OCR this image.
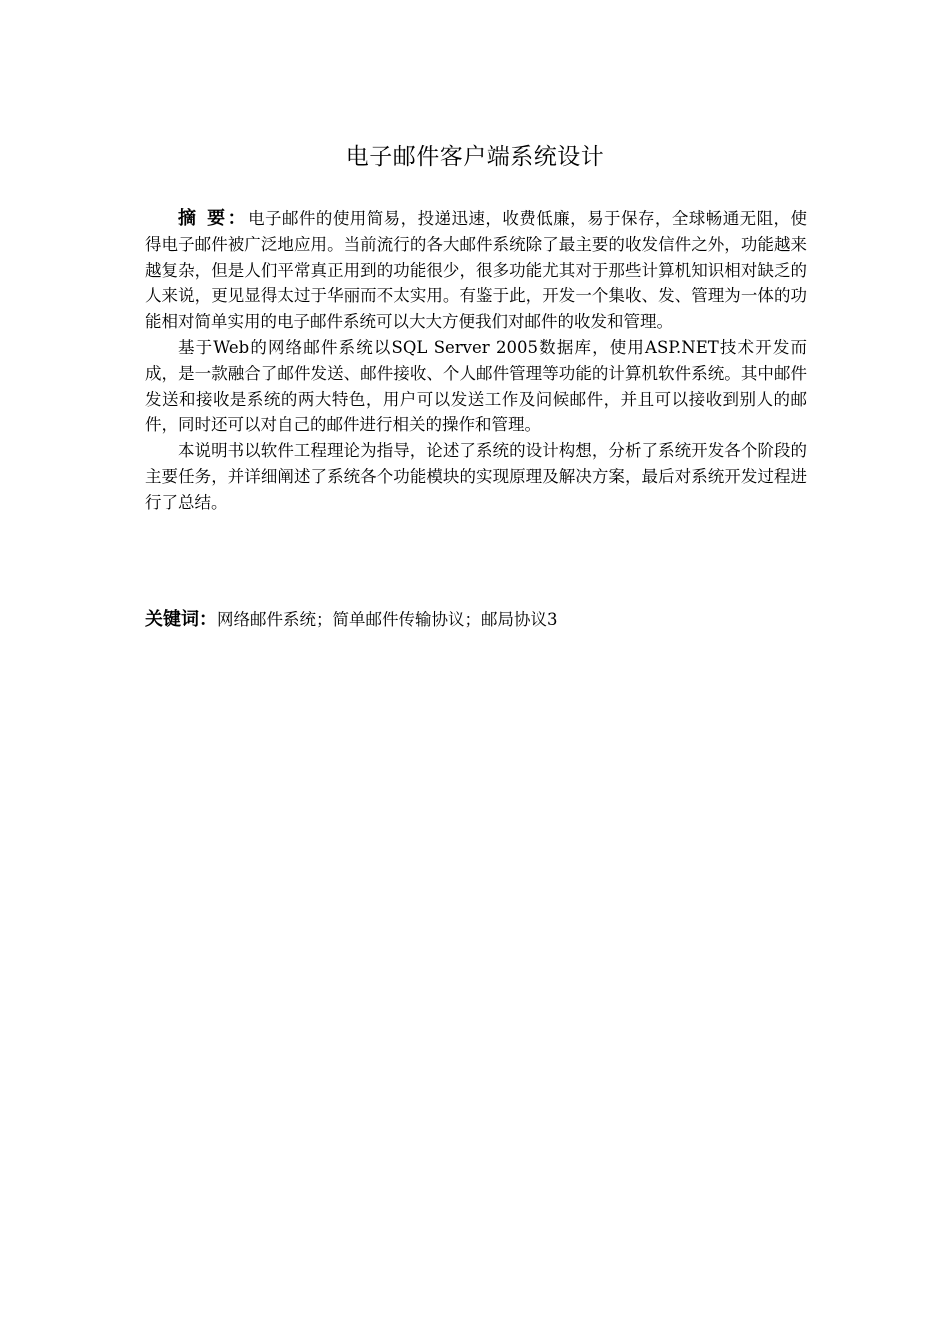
电子邮件客户端系统设计

摘 要：电子邮件的使用简易，投递迅速，收费低廉，易于保存，全球畅通无阻，使得电子邮件被广泛地应用。当前流行的各大邮件系统除了最主要的收发信件之外，功能越来越复杂，但是人们平常真正用到的功能很少，很多功能尤其对于那些计算机知识相对缺乏的人来说，更见显得太过于华丽而不太实用。有鉴于此，开发一个集收、发、管理为一体的功能相对简单实用的电子邮件系统可以大大方便我们对邮件的收发和管理。

基于Web的网络邮件系统以SQL Server 2005数据库，使用ASP.NET技术开发而成，是一款融合了邮件发送、邮件接收、个人邮件管理等功能的计算机软件系统。其中邮件发送和接收是系统的两大特色，用户可以发送工作及问候邮件，并且可以接收到别人的邮件，同时还可以对自己的邮件进行相关的操作和管理。

本说明书以软件工程理论为指导，论述了系统的设计构想，分析了系统开发各个阶段的主要任务，并详细阐述了系统各个功能模块的实现原理及解决方案，最后对系统开发过程进行了总结。

关键词：网络邮件系统；简单邮件传输协议；邮局协议3
